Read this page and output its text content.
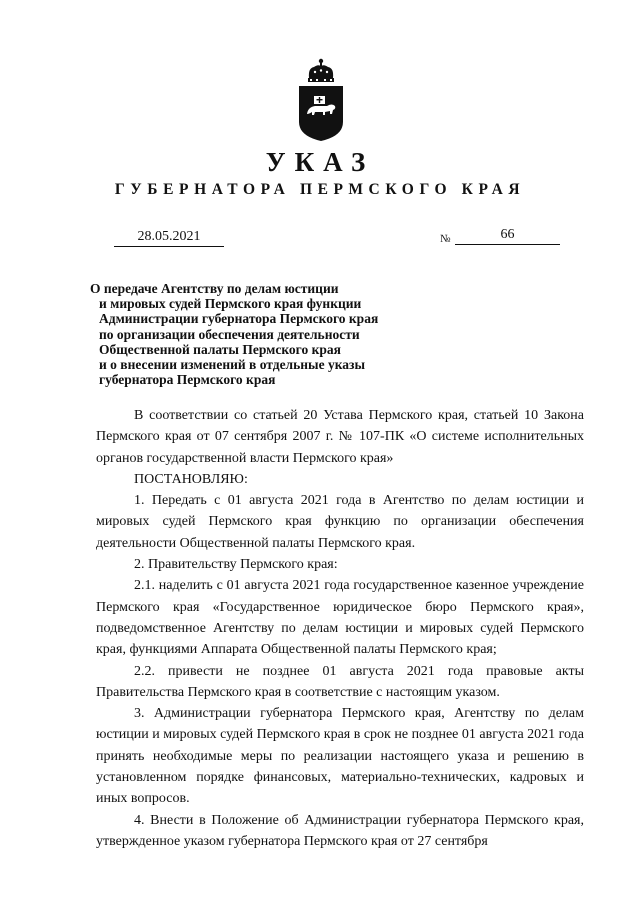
УКАЗ
ГУБЕРНАТОРА ПЕРМСКОГО КРАЯ
28.05.2021	№	66
О передаче Агентству по делам юстиции
и мировых судей Пермского края функции
Администрации губернатора Пермского края
по организации обеспечения деятельности
Общественной палаты Пермского края
и о внесении изменений в отдельные указы
губернатора Пермского края

В соответствии со статьей 20 Устава Пермского края, статьей 10 Закона Пермского края от 07 сентября 2007 г. № 107-ПК «О системе исполнительных органов государственной власти Пермского края»

ПОСТАНОВЛЯЮ:

1. Передать с 01 августа 2021 года в Агентство по делам юстиции и мировых судей Пермского края функцию по организации обеспечения деятельности Общественной палаты Пермского края.

2. Правительству Пермского края:

2.1. наделить с 01 августа 2021 года государственное казенное учреждение Пермского края «Государственное юридическое бюро Пермского края», подведомственное Агентству по делам юстиции и мировых судей Пермского края, функциями Аппарата Общественной палаты Пермского края;

2.2. привести не позднее 01 августа 2021 года правовые акты Правительства Пермского края в соответствие с настоящим указом.

3. Администрации губернатора Пермского края, Агентству по делам юстиции и мировых судей Пермского края в срок не позднее 01 августа 2021 года принять необходимые меры по реализации настоящего указа и решению в установленном порядке финансовых, материально-технических, кадровых и иных вопросов.

4. Внести в Положение об Администрации губернатора Пермского края, утвержденное указом губернатора Пермского края от 27 сентября
